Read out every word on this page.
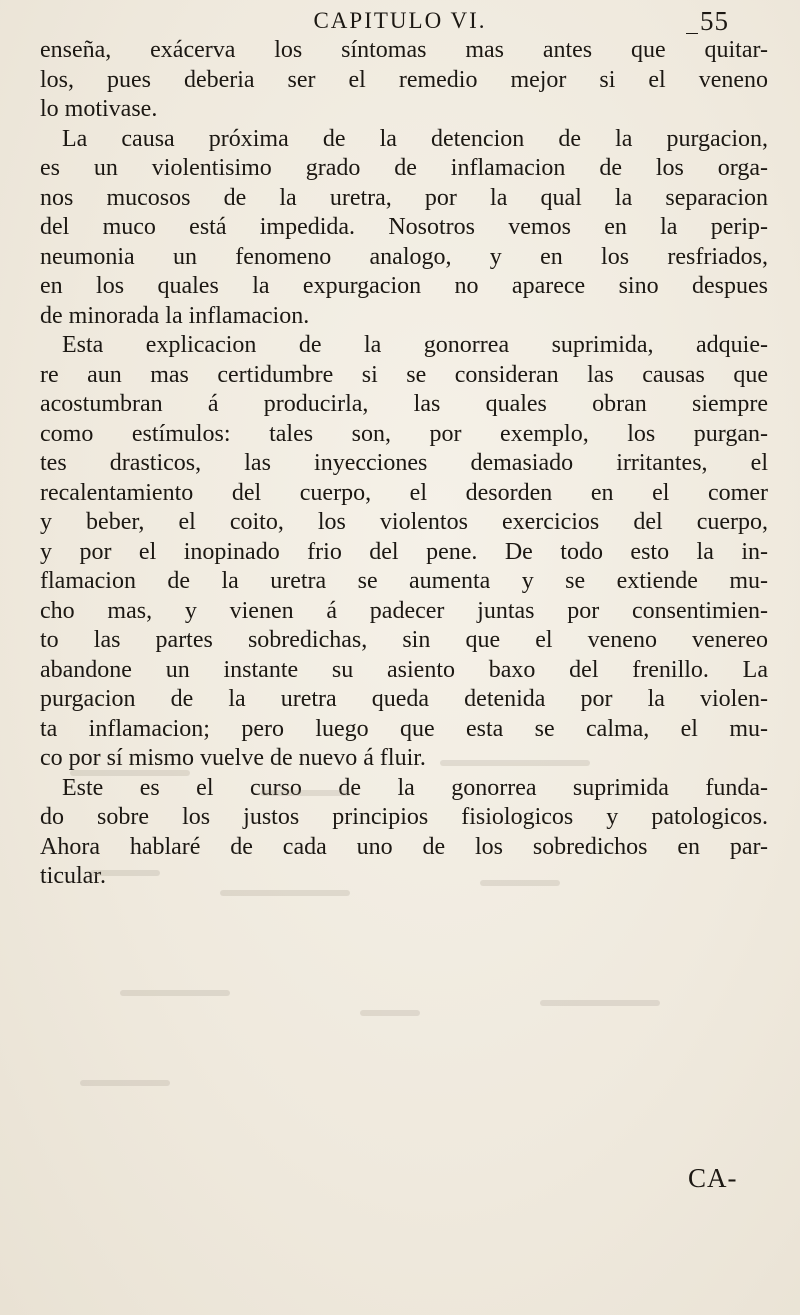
CAPITULO VI.	55
enseña, exácerva los síntomas mas antes que quitar-
los, pues deberia ser el remedio mejor si el veneno
lo motivase.
La causa próxima de la detencion de la purgacion,
es un violentisimo grado de inflamacion de los orga-
nos mucosos de la uretra, por la qual la separacion
del muco está impedida. Nosotros vemos en la perip-
neumonia un fenomeno analogo, y en los resfriados,
en los quales la expurgacion no aparece sino despues
de minorada la inflamacion.
Esta explicacion de la gonorrea suprimida, adquie-
re aun mas certidumbre si se consideran las causas que
acostumbran á producirla, las quales obran siempre
como estímulos: tales son, por exemplo, los purgan-
tes drasticos, las inyecciones demasiado irritantes, el
recalentamiento del cuerpo, el desorden en el comer
y beber, el coito, los violentos exercicios del cuerpo,
y por el inopinado frio del pene. De todo esto la in-
flamacion de la uretra se aumenta y se extiende mu-
cho mas, y vienen á padecer juntas por consentimien-
to las partes sobredichas, sin que el veneno venereo
abandone un instante su asiento baxo del frenillo. La
purgacion de la uretra queda detenida por la violen-
ta inflamacion; pero luego que esta se calma, el mu-
co por sí mismo vuelve de nuevo á fluir.
Este es el curso de la gonorrea suprimida funda-
do sobre los justos principios fisiologicos y patologicos.
Ahora hablaré de cada uno de los sobredichos en par-
ticular.
CA-
